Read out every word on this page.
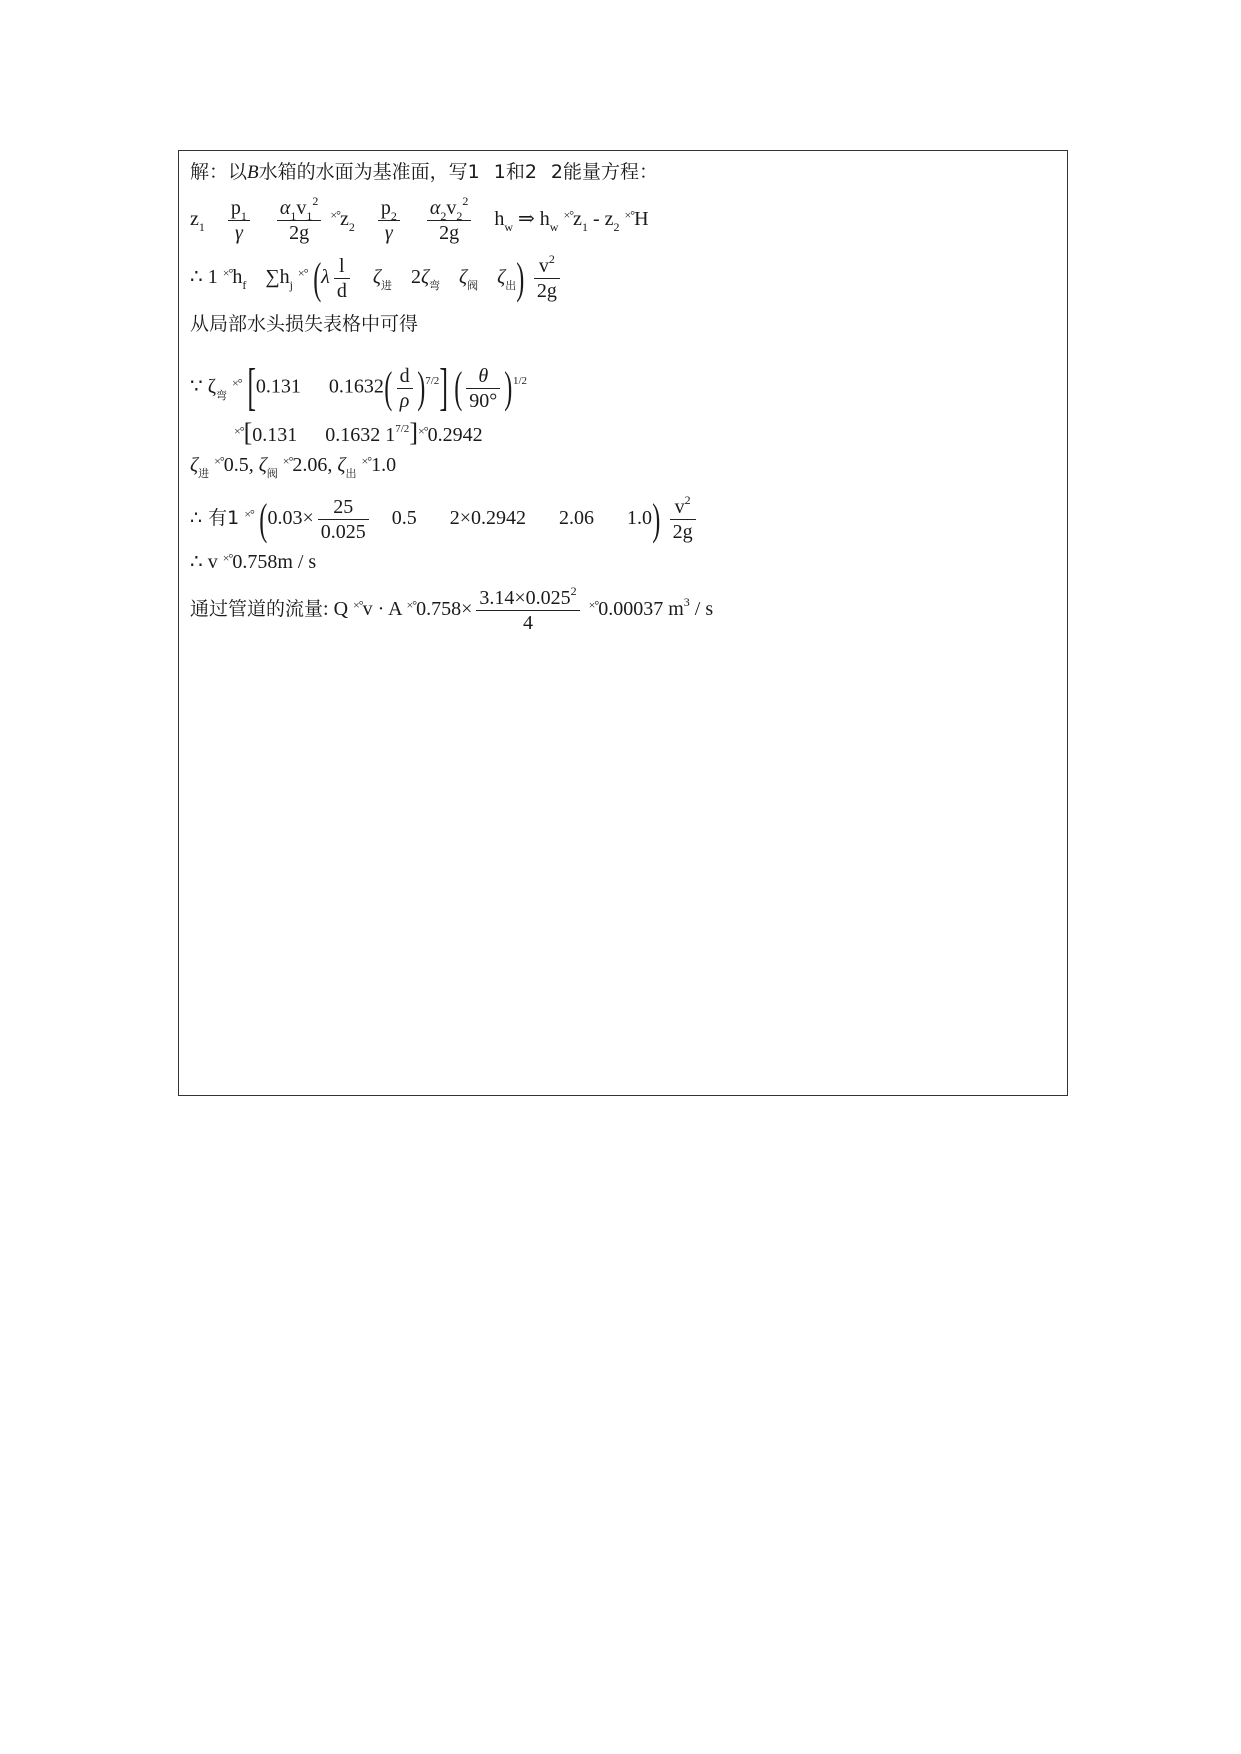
解：以B水箱的水面为基准面，写1 1和2 2能量方程：
$z_1 \frac{p_1}{\gamma}$
$\frac{\alpha_1v_1^2}{2g} ^{\times^\circ}z_2 \frac{p_2}{\gamma}$
$\frac{\alpha_2v_2^2}{2g} h_w$ ⇒ $h_w$ $^{\times^\circ}z_1 - z_2$ ×°H
∴ 1 $^{\times^\circ}h_f$ $\sum h_j$ ×° ($\lambda \frac{l}{d} \zeta_进$ $2\zeta_弯$ $\zeta_阀$ $\zeta_出) \frac{v^2}{2g}$
从局部水头损失表格中可得
∵ $\zeta_弯$ ×° [0.131 $0.1632( \frac{d}{\rho} )^{7/2}$] ( $\frac{\theta}{90^\circ} )^{1/2}$
×°[0.131 0.1632 $1^{7/2}]^{\times^\circ}0.2942$
$\zeta_进$ ×°0.5, $\zeta_阀$ ×°2.06, $\zeta_出$ ×°1.0
∴ 有1 ×° ($0.03\times \frac{25}{0.025} 0.5$ 2×0.2942 2.06 $1.0) \frac{v^2}{2g}$
∴ v ×°0.758m / s
通过管道的流量: Q ×°v · A $^{\times^\circ}0.758\times \frac{3.14\times 0.025^2}{4} ^{\times^\circ}0.00037$ $m^3$ / s
